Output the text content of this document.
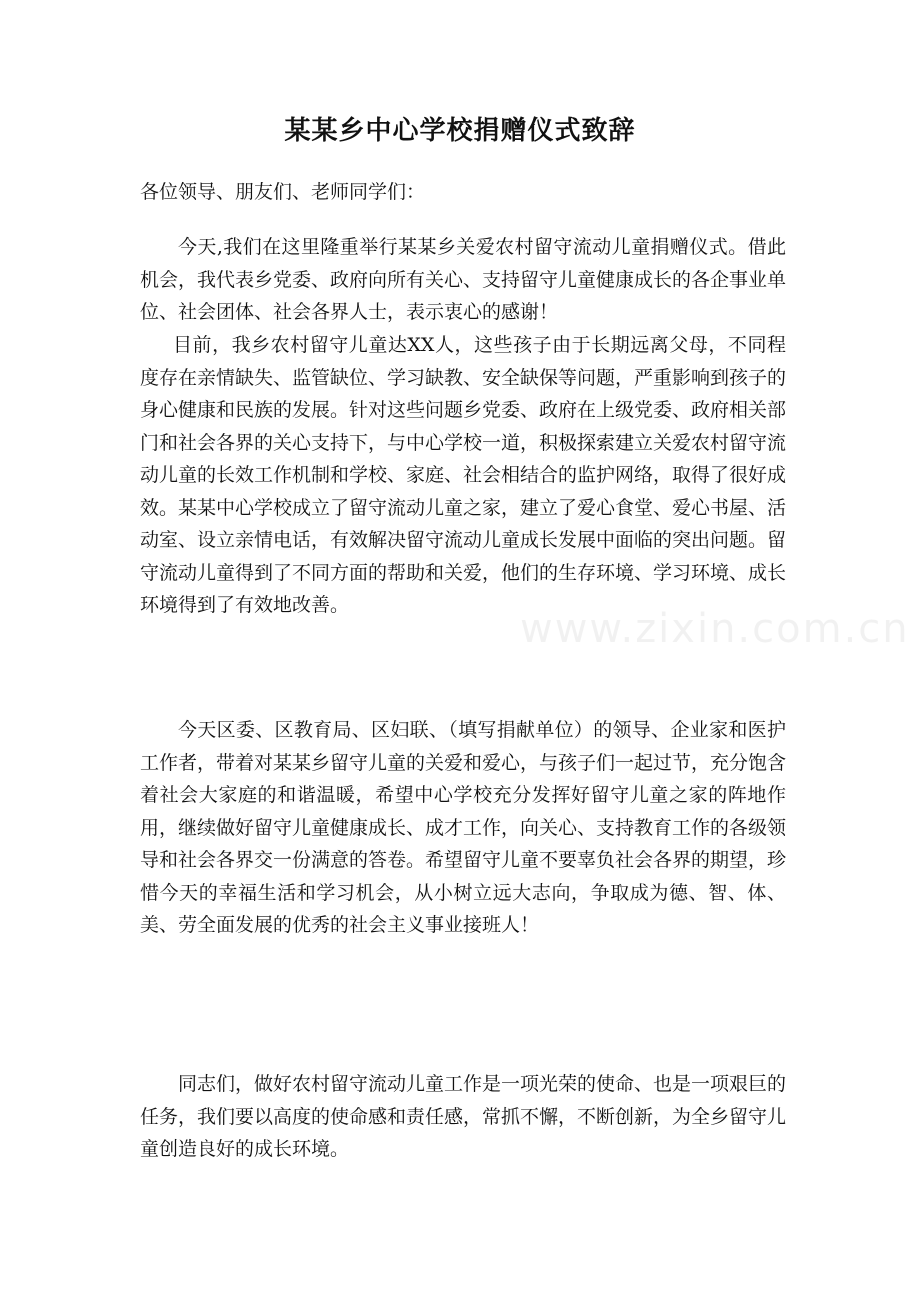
某某乡中心学校捐赠仪式致辞

各位领导、朋友们、老师同学们：

今天,我们在这里隆重举行某某乡关爱农村留守流动儿童捐赠仪式。借此机会，我代表乡党委、政府向所有关心、支持留守儿童健康成长的各企事业单位、社会团体、社会各界人士，表示衷心的感谢！

目前，我乡农村留守儿童达XX人，这些孩子由于长期远离父母，不同程度存在亲情缺失、监管缺位、学习缺教、安全缺保等问题，严重影响到孩子的身心健康和民族的发展。针对这些问题乡党委、政府在上级党委、政府相关部门和社会各界的关心支持下，与中心学校一道，积极探索建立关爱农村留守流动儿童的长效工作机制和学校、家庭、社会相结合的监护网络，取得了很好成效。某某中心学校成立了留守流动儿童之家，建立了爱心食堂、爱心书屋、活动室、设立亲情电话，有效解决留守流动儿童成长发展中面临的突出问题。留守流动儿童得到了不同方面的帮助和关爱，他们的生存环境、学习环境、成长环境得到了有效地改善。

今天区委、区教育局、区妇联、（填写捐献单位）的领导、企业家和医护工作者，带着对某某乡留守儿童的关爱和爱心，与孩子们一起过节，充分饱含着社会大家庭的和谐温暖，希望中心学校充分发挥好留守儿童之家的阵地作用，继续做好留守儿童健康成长、成才工作，向关心、支持教育工作的各级领导和社会各界交一份满意的答卷。希望留守儿童不要辜负社会各界的期望，珍惜今天的幸福生活和学习机会，从小树立远大志向，争取成为德、智、体、美、劳全面发展的优秀的社会主义事业接班人！

同志们，做好农村留守流动儿童工作是一项光荣的使命、也是一项艰巨的任务，我们要以高度的使命感和责任感，常抓不懈，不断创新，为全乡留守儿童创造良好的成长环境。

www.zixin.com.cn
